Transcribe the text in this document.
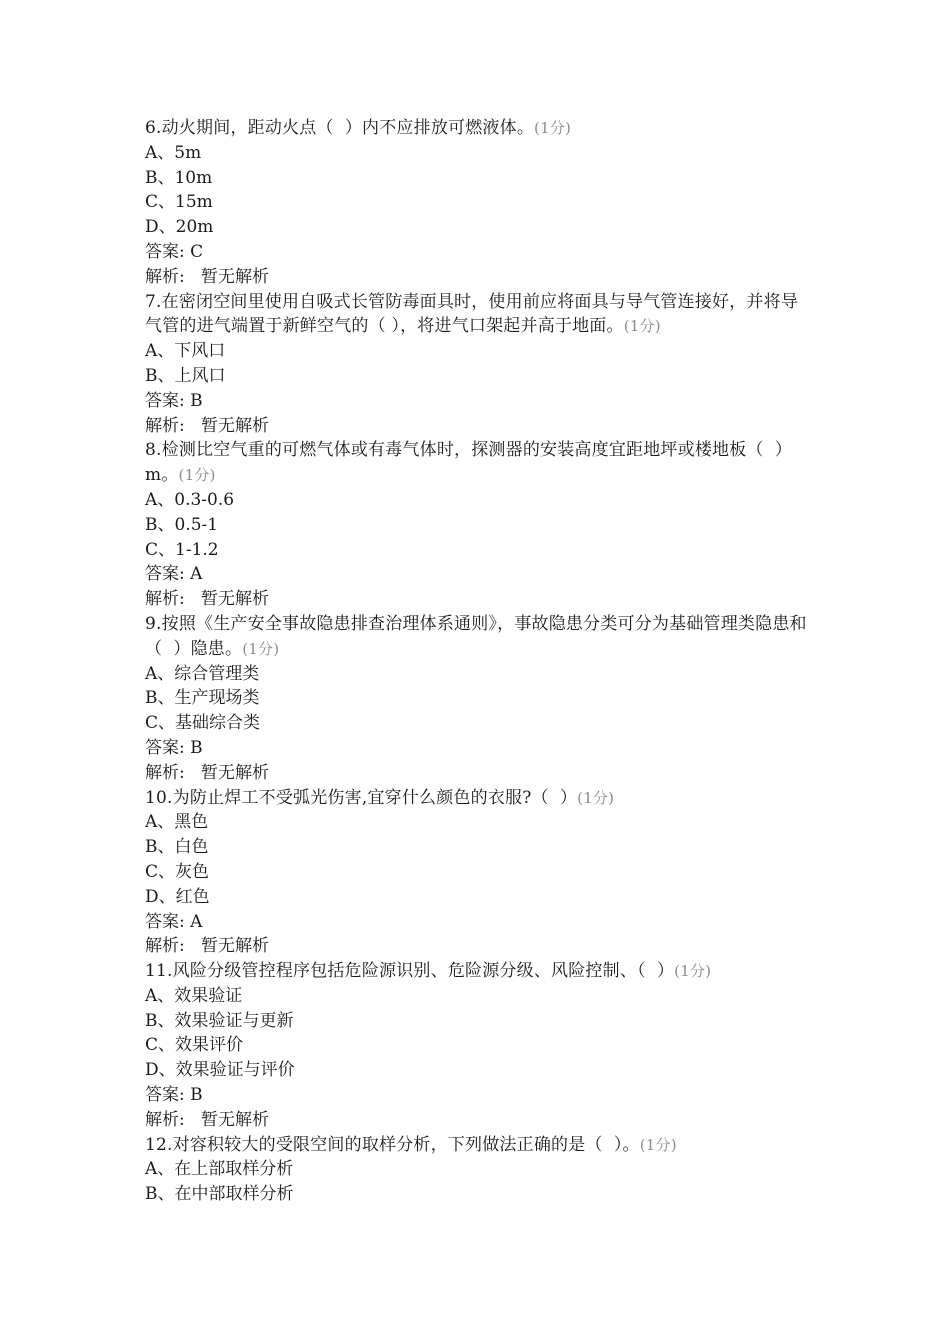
6.动火期间，距动火点（  ）内不应排放可燃液体。(1分)
A、5m
B、10m
C、15m
D、20m
答案: C
解析:   暂无解析
7.在密闭空间里使用自吸式长管防毒面具时，使用前应将面具与导气管连接好，并将导气管的进气端置于新鲜空气的（ ），将进气口架起并高于地面。(1分)
A、下风口
B、上风口
答案: B
解析:   暂无解析
8.检测比空气重的可燃气体或有毒气体时，探测器的安装高度宜距地坪或楼地板（  ）m。(1分)
A、0.3-0.6
B、0.5-1
C、1-1.2
答案: A
解析:   暂无解析
9.按照《生产安全事故隐患排查治理体系通则》，事故隐患分类可分为基础管理类隐患和（  ）隐患。(1分)
A、综合管理类
B、生产现场类
C、基础综合类
答案: B
解析:   暂无解析
10.为防止焊工不受弧光伤害,宜穿什么颜色的衣服?（  ）(1分)
A、黑色
B、白色
C、灰色
D、红色
答案: A
解析:   暂无解析
11.风险分级管控程序包括危险源识别、危险源分级、风险控制、（  ）(1分)
A、效果验证
B、效果验证与更新
C、效果评价
D、效果验证与评价
答案: B
解析:   暂无解析
12.对容积较大的受限空间的取样分析，下列做法正确的是（  ）。(1分)
A、在上部取样分析
B、在中部取样分析
